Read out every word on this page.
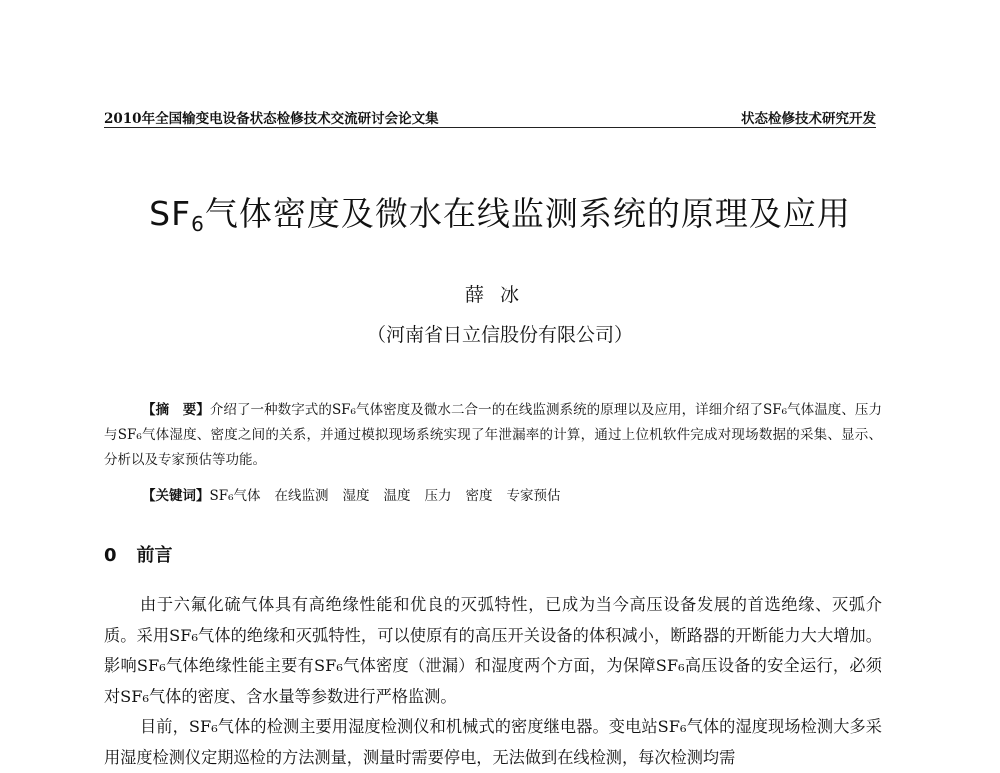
2010年全国输变电设备状态检修技术交流研讨会论文集	状态检修技术研究开发
$SF_6$气体密度及微水在线监测系统的原理及应用
薛冰
（河南省日立信股份有限公司）
【摘　要】介绍了一种数字式的SF₆气体密度及微水二合一的在线监测系统的原理以及应用，详细介绍了SF₆气体温度、压力与SF₆气体湿度、密度之间的关系，并通过模拟现场系统实现了年泄漏率的计算，通过上位机软件完成对现场数据的采集、显示、分析以及专家预估等功能。
【关键词】SF₆气体 在线监测 湿度 温度 压力 密度 专家预估
0 前言

由于六氟化硫气体具有高绝缘性能和优良的灭弧特性，已成为当今高压设备发展的首选绝缘、灭弧介质。采用SF₆气体的绝缘和灭弧特性，可以使原有的高压开关设备的体积减小，断路器的开断能力大大增加。影响SF₆气体绝缘性能主要有SF₆气体密度（泄漏）和湿度两个方面，为保障SF₆高压设备的安全运行，必须对SF₆气体的密度、含水量等参数进行严格监测。

目前，SF₆气体的检测主要用湿度检测仪和机械式的密度继电器。变电站SF₆气体的湿度现场检测大多采用湿度检测仪定期巡检的方法测量，测量时需要停电，无法做到在线检测，每次检测均需
